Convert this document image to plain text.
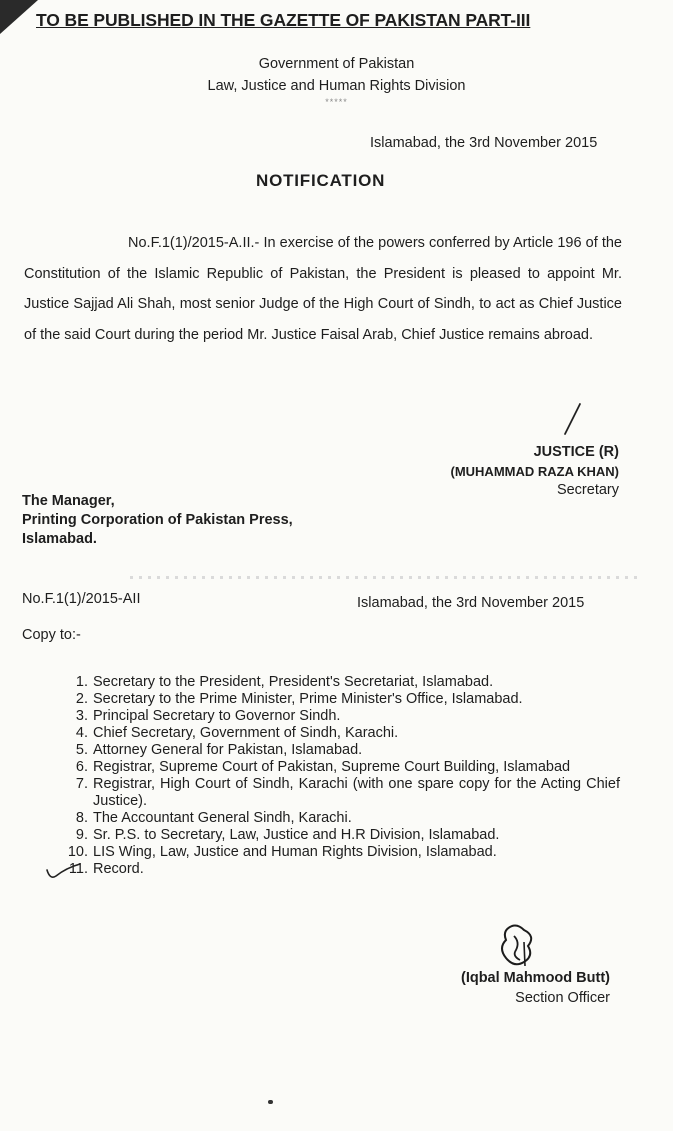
TO BE PUBLISHED IN THE GAZETTE OF PAKISTAN PART-III
Government of Pakistan
Law, Justice and Human Rights Division
*****
Islamabad, the 3rd November 2015
NOTIFICATION
No.F.1(1)/2015-A.II.- In exercise of the powers conferred by Article 196 of the Constitution of the Islamic Republic of Pakistan, the President is pleased to appoint Mr. Justice Sajjad Ali Shah, most senior Judge of the High Court of Sindh, to act as Chief Justice of the said Court during the period Mr. Justice Faisal Arab, Chief Justice remains abroad.
JUSTICE (R)
(MUHAMMAD RAZA KHAN)
Secretary
The Manager,
Printing Corporation of Pakistan Press,
Islamabad.
No.F.1(1)/2015-AII	Islamabad, the 3rd November 2015
Copy to:-
1. Secretary to the President, President's Secretariat, Islamabad.
2. Secretary to the Prime Minister, Prime Minister's Office, Islamabad.
3. Principal Secretary to Governor Sindh.
4. Chief Secretary, Government of Sindh, Karachi.
5. Attorney General for Pakistan, Islamabad.
6. Registrar, Supreme Court of Pakistan, Supreme Court Building, Islamabad
7. Registrar, High Court of Sindh, Karachi (with one spare copy for the Acting Chief Justice).
8. The Accountant General Sindh, Karachi.
9. Sr. P.S. to Secretary, Law, Justice and H.R Division, Islamabad.
10. LIS Wing, Law, Justice and Human Rights Division, Islamabad.
11. Record.
(Iqbal Mahmood Butt)
Section Officer
